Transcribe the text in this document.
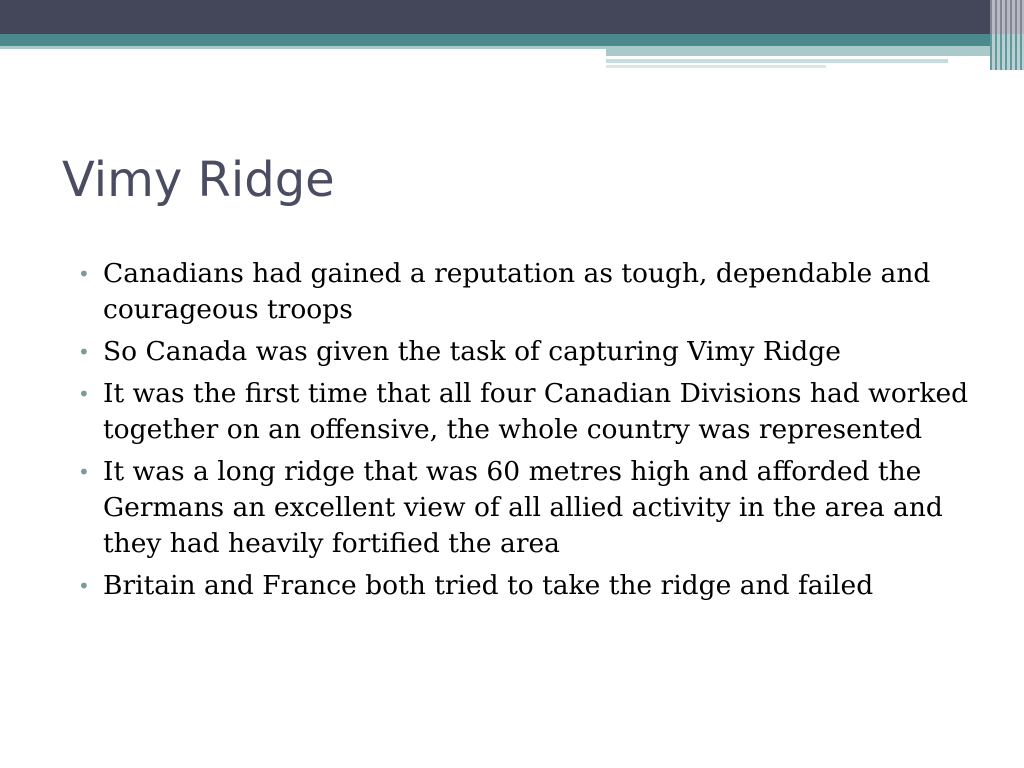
Vimy Ridge
• Canadians had gained a reputation as tough, dependable and courageous troops
• So Canada was given the task of capturing Vimy Ridge
• It was the first time that all four Canadian Divisions had worked together on an offensive, the whole country was represented
• It was a long ridge that was 60 metres high and afforded the Germans an excellent view of all allied activity in the area and they had heavily fortified the area
• Britain and France both tried to take the ridge and failed
